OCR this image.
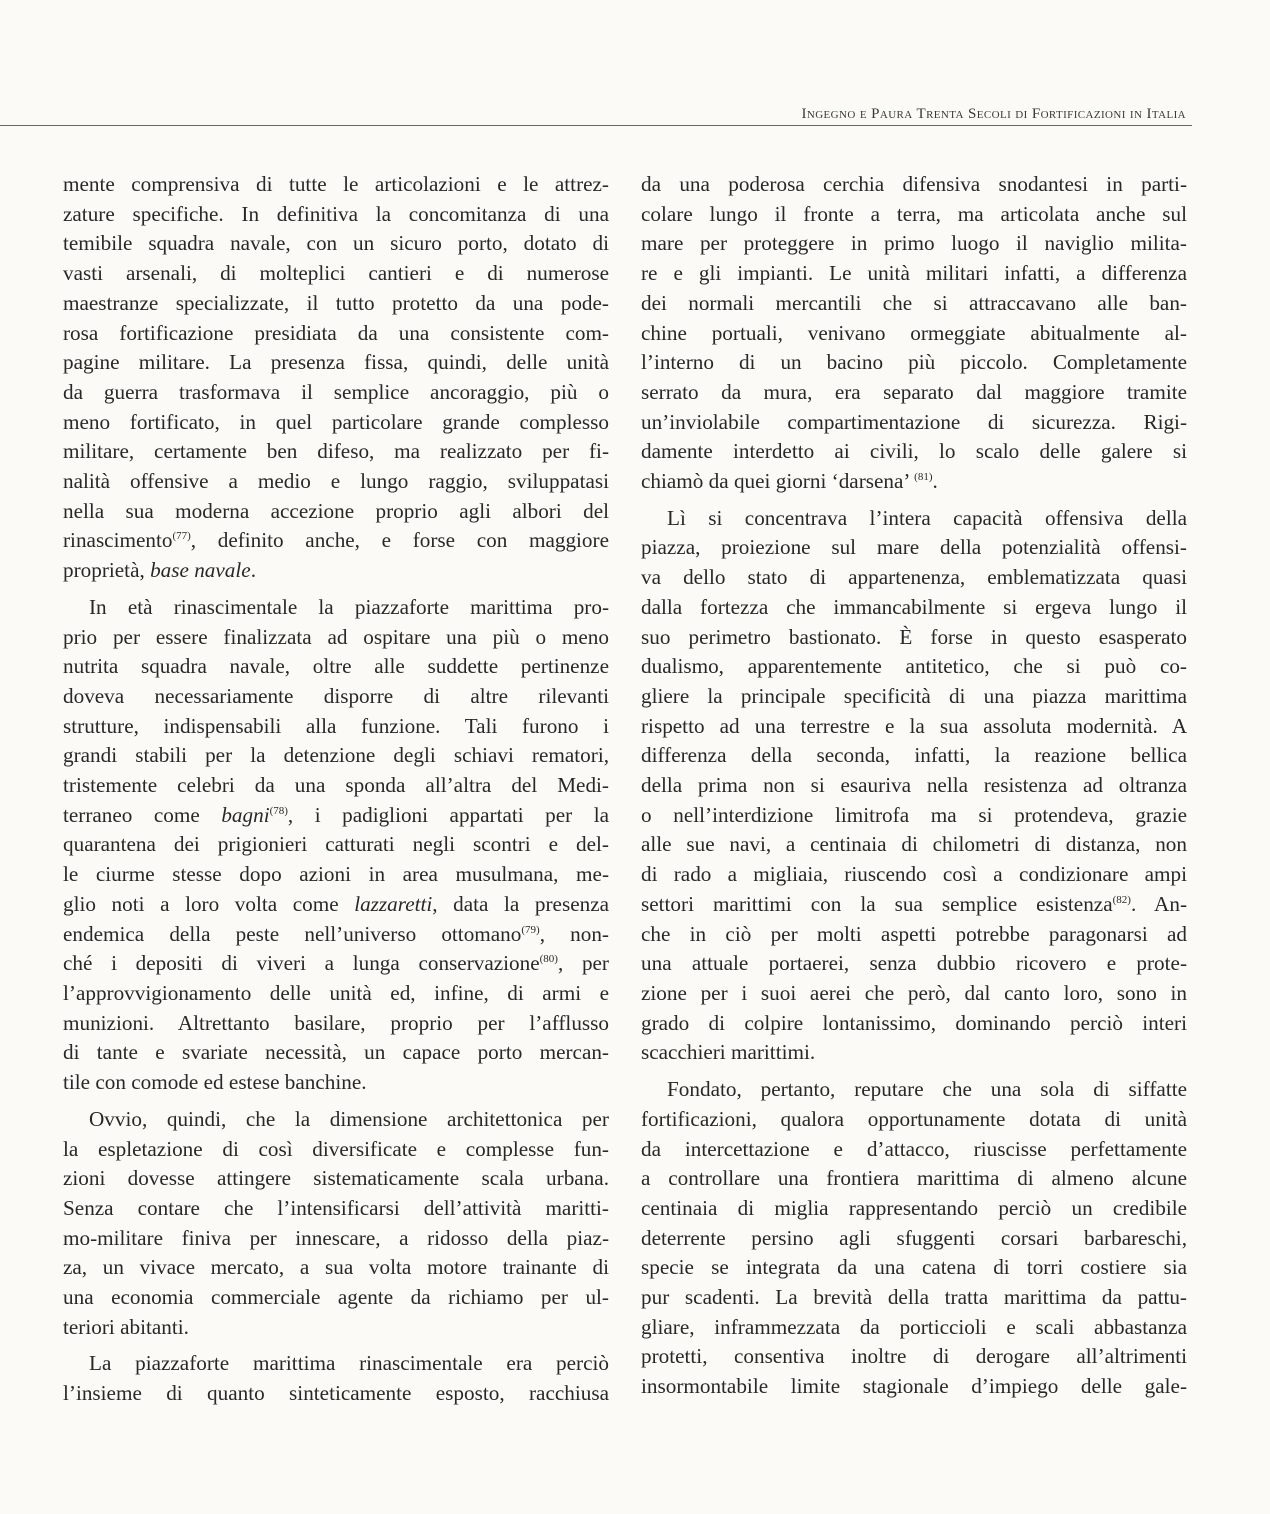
Ingegno e Paura Trenta Secoli di Fortificazioni in Italia

mente comprensiva di tutte le articolazioni e le attrez-
zature specifiche. In definitiva la concomitanza di una
temibile squadra navale, con un sicuro porto, dotato di
vasti arsenali, di molteplici cantieri e di numerose
maestranze specializzate, il tutto protetto da una pode-
rosa fortificazione presidiata da una consistente com-
pagine militare. La presenza fissa, quindi, delle unità
da guerra trasformava il semplice ancoraggio, più o
meno fortificato, in quel particolare grande complesso
militare, certamente ben difeso, ma realizzato per fi-
nalità offensive a medio e lungo raggio, sviluppatasi
nella sua moderna accezione proprio agli albori del
rinascimento$^{(77)}$, definito anche, e forse con maggiore
proprietà, base navale.

In età rinascimentale la piazzaforte marittima pro-
prio per essere finalizzata ad ospitare una più o meno
nutrita squadra navale, oltre alle suddette pertinenze
doveva necessariamente disporre di altre rilevanti
strutture, indispensabili alla funzione. Tali furono i
grandi stabili per la detenzione degli schiavi rematori,
tristemente celebri da una sponda all’altra del Medi-
terraneo come bagni$^{(78)}$, i padiglioni appartati per la
quarantena dei prigionieri catturati negli scontri e del-
le ciurme stesse dopo azioni in area musulmana, me-
glio noti a loro volta come lazzaretti, data la presenza
endemica della peste nell’universo ottomano$^{(79)}$, non-
ché i depositi di viveri a lunga conservazione$^{(80)}$, per
l’approvvigionamento delle unità ed, infine, di armi e
munizioni. Altrettanto basilare, proprio per l’afflusso
di tante e svariate necessità, un capace porto mercan-
tile con comode ed estese banchine.

Ovvio, quindi, che la dimensione architettonica per
la espletazione di così diversificate e complesse fun-
zioni dovesse attingere sistematicamente scala urbana.
Senza contare che l’intensificarsi dell’attività maritti-
mo-militare finiva per innescare, a ridosso della piaz-
za, un vivace mercato, a sua volta motore trainante di
una economia commerciale agente da richiamo per ul-
teriori abitanti.

La piazzaforte marittima rinascimentale era perciò
l’insieme di quanto sinteticamente esposto, racchiusa

da una poderosa cerchia difensiva snodantesi in parti-
colare lungo il fronte a terra, ma articolata anche sul
mare per proteggere in primo luogo il naviglio milita-
re e gli impianti. Le unità militari infatti, a differenza
dei normali mercantili che si attraccavano alle ban-
chine portuali, venivano ormeggiate abitualmente al-
l’interno di un bacino più piccolo. Completamente
serrato da mura, era separato dal maggiore tramite
un’inviolabile compartimentazione di sicurezza. Rigi-
damente interdetto ai civili, lo scalo delle galere si
chiamò da quei giorni ‘darsena’ $^{(81)}$.

Lì si concentrava l’intera capacità offensiva della
piazza, proiezione sul mare della potenzialità offensi-
va dello stato di appartenenza, emblematizzata quasi
dalla fortezza che immancabilmente si ergeva lungo il
suo perimetro bastionato. È forse in questo esasperato
dualismo, apparentemente antitetico, che si può co-
gliere la principale specificità di una piazza marittima
rispetto ad una terrestre e la sua assoluta modernità. A
differenza della seconda, infatti, la reazione bellica
della prima non si esauriva nella resistenza ad oltranza
o nell’interdizione limitrofa ma si protendeva, grazie
alle sue navi, a centinaia di chilometri di distanza, non
di rado a migliaia, riuscendo così a condizionare ampi
settori marittimi con la sua semplice esistenza$^{(82)}$. An-
che in ciò per molti aspetti potrebbe paragonarsi ad
una attuale portaerei, senza dubbio ricovero e prote-
zione per i suoi aerei che però, dal canto loro, sono in
grado di colpire lontanissimo, dominando perciò interi
scacchieri marittimi.

Fondato, pertanto, reputare che una sola di siffatte
fortificazioni, qualora opportunamente dotata di unità
da intercettazione e d’attacco, riuscisse perfettamente
a controllare una frontiera marittima di almeno alcune
centinaia di miglia rappresentando perciò un credibile
deterrente persino agli sfuggenti corsari barbareschi,
specie se integrata da una catena di torri costiere sia
pur scadenti. La brevità della tratta marittima da pattu-
gliare, inframmezzata da porticcioli e scali abbastanza
protetti, consentiva inoltre di derogare all’altrimenti
insormontabile limite stagionale d’impiego delle gale-
